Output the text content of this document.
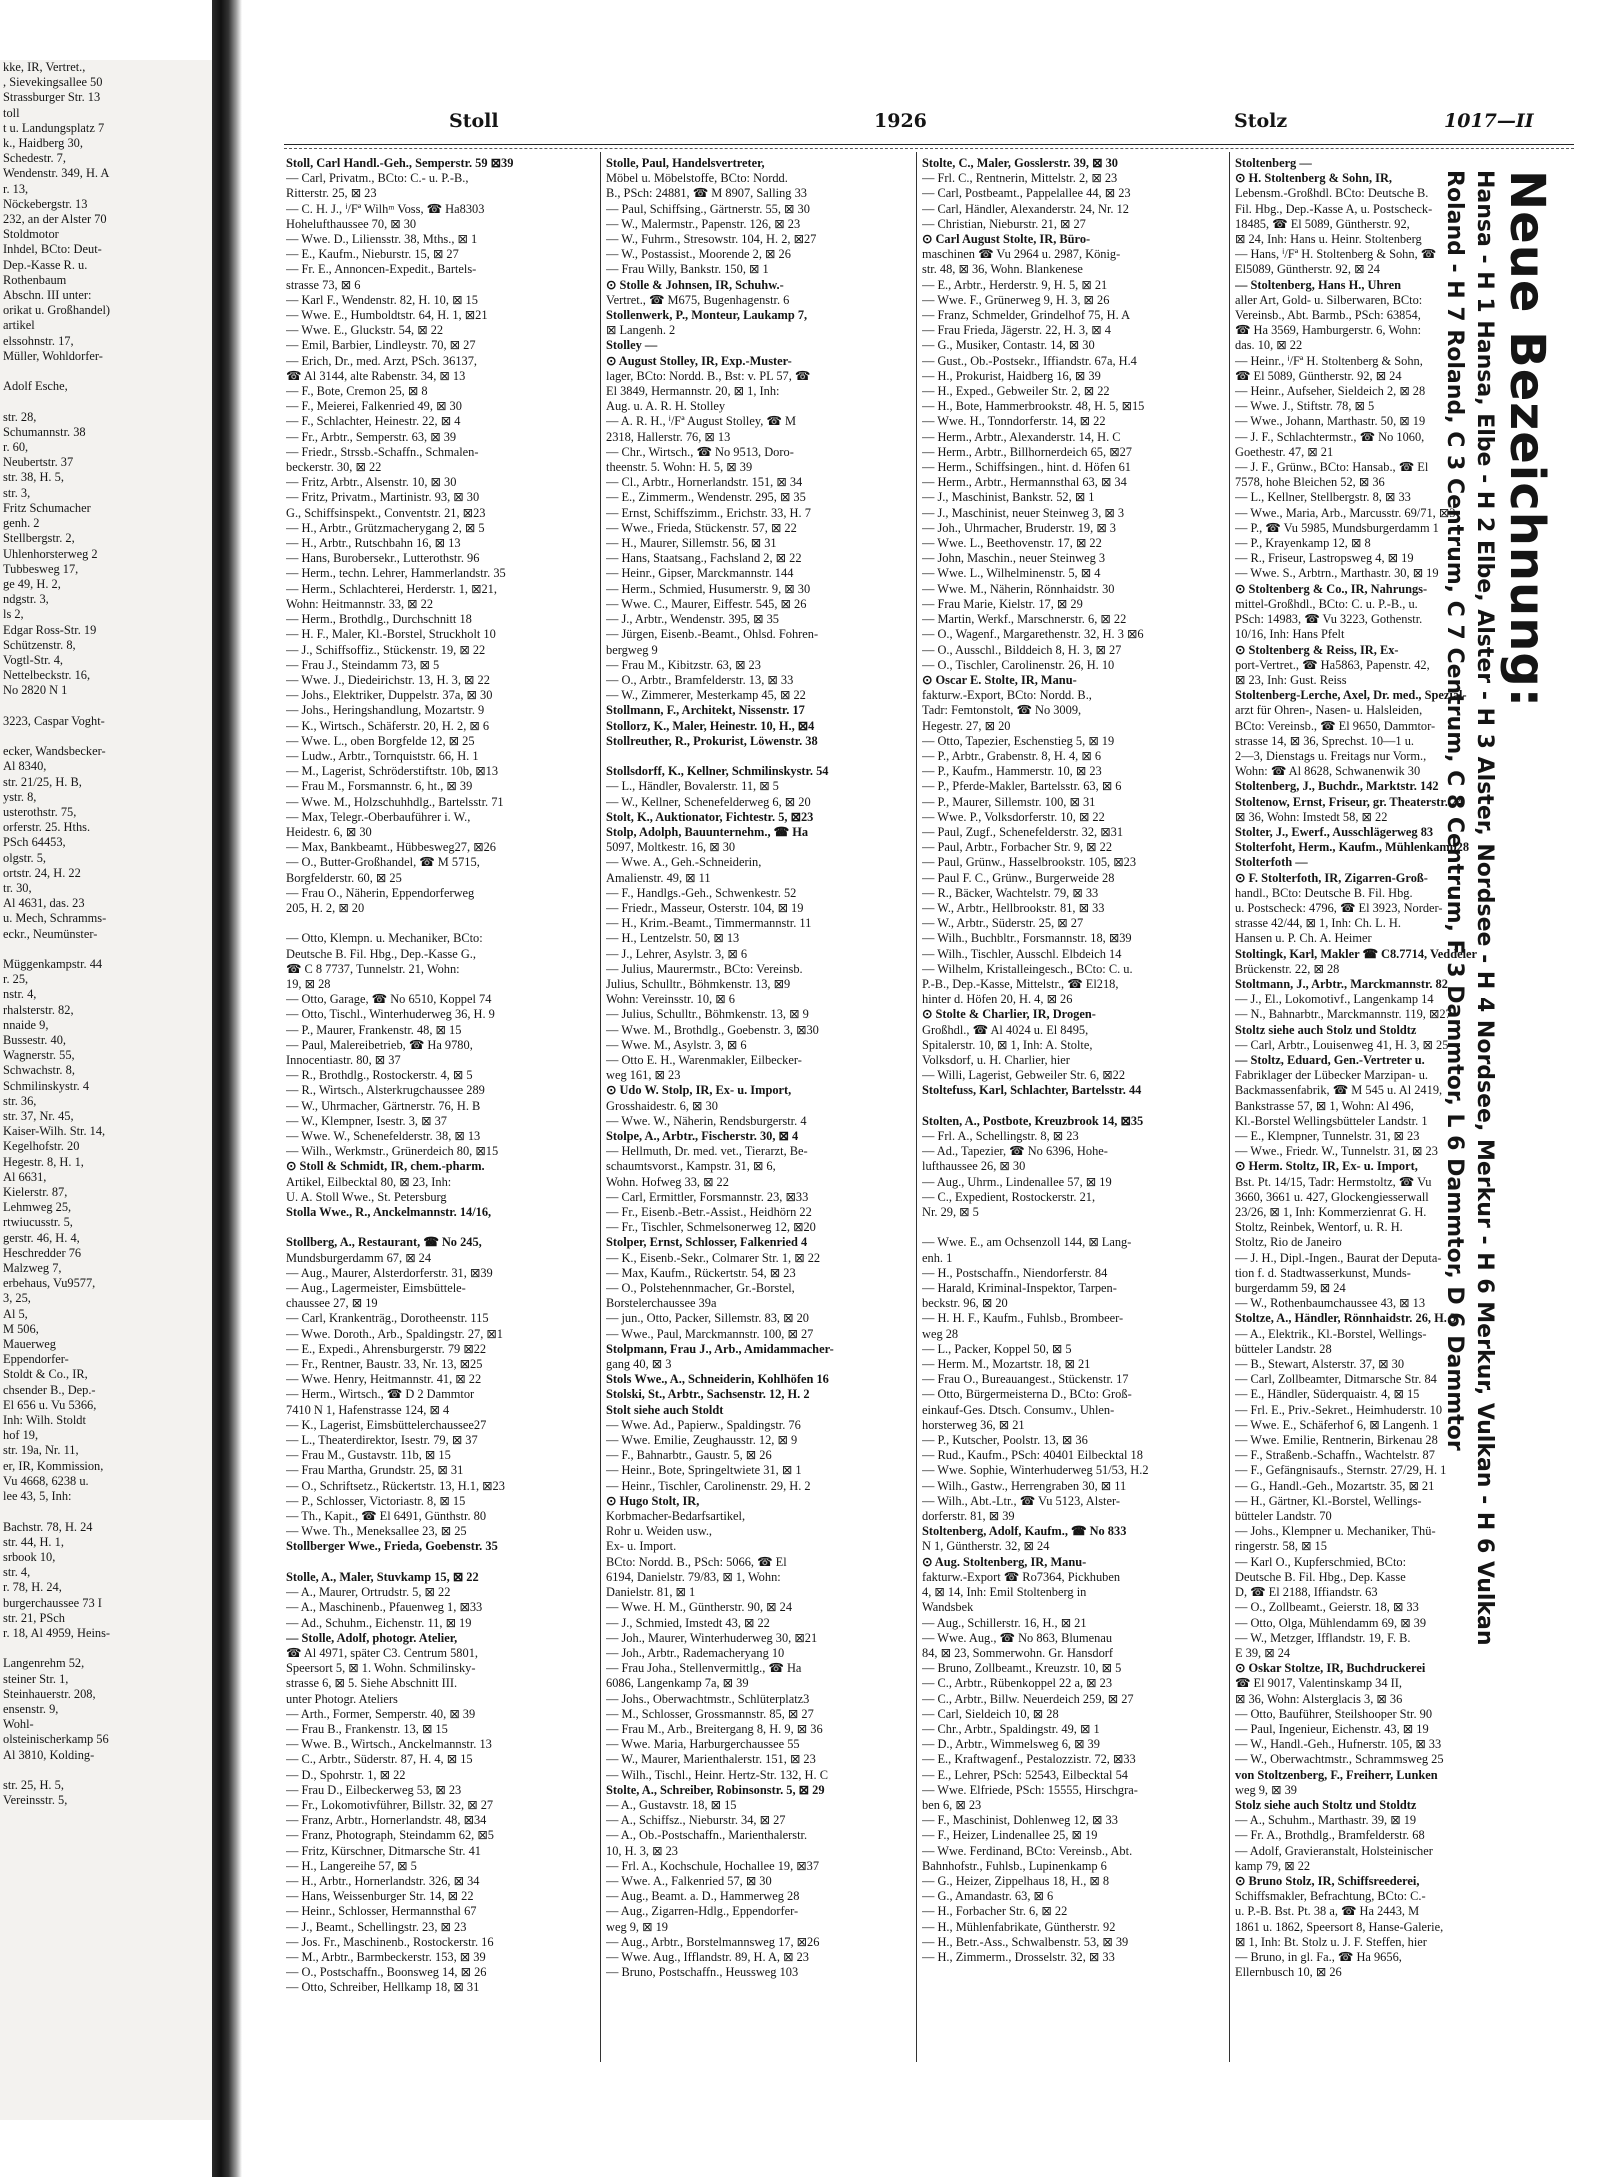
kke, IR, Vertret.,
, Sievekingsallee 50
Strassburger Str. 13
toll
t u. Landungsplatz 7
k., Haidberg 30,
Schedestr. 7,
Wendenstr. 349, H. A
r. 13,
Nöckebergstr. 13
232, an der Alster 70
Stoldmotor
Inhdel, BCto: Deut-
Dep.-Kasse R. u.
Rothenbaum
Abschn. III unter:
orikat u. Großhandel)
artikel
elssohnstr. 17,
Müller, Wohldorfer-

Adolf Esche,

str. 28,
Schumannstr. 38
r. 60,
Neubertstr. 37
str. 38, H. 5,
str. 3,
Fritz Schumacher
genh. 2
Stellbergstr. 2,
Uhlenhorsterweg 2
Tubbesweg 17,
ge 49, H. 2,
ndgstr. 3,
ls 2,
Edgar Ross-Str. 19
Schützenstr. 8,
Vogtl-Str. 4,
Nettelbeckstr. 16,
No 2820 N 1

3223, Caspar Voght-

ecker, Wandsbecker-
Al 8340,
str. 21/25, H. B,
ystr. 8,
usterothstr. 75,
orferstr. 25. Hths.
PSch 64453,
olgstr. 5,
ortstr. 24, H. 22
tr. 30,
Al 4631, das. 23
u. Mech, Schramms-
eckr., Neumünster-

Müggenkampstr. 44
r. 25,
nstr. 4,
rhalsterstr. 82,
nnaide 9,
Bussestr. 40,
Wagnerstr. 55,
Schwachstr. 8,
Schmilinskystr. 4
str. 36,
str. 37, Nr. 45,
Kaiser-Wilh. Str. 14,
Kegelhofstr. 20
Hegestr. 8, H. 1,
Al 6631,
Kielerstr. 87,
Lehmweg 25,
rtwiucusstr. 5,
gerstr. 46, H. 4,
Heschredder 76
Malzweg 7,
erbehaus, Vu9577,
3, 25,
Al 5,
M 506,
Mauerweg
Eppendorfer-
Stoldt & Co., IR,
chsender B., Dep.-
El 656 u. Vu 5366,
Inh: Wilh. Stoldt
hof 19,
str. 19a, Nr. 11,
er, IR, Kommission,
Vu 4668, 6238 u.
lee 43, 5, Inh:

Bachstr. 78, H. 24
str. 44, H. 1,
srbook 10,
str. 4,
r. 78, H. 24,
burgerchaussee 73 I
str. 21, PSch
r. 18, Al 4959, Heins-

Langenrehm 52,
steiner Str. 1,
Steinhauerstr. 208,
ensenstr. 9,
Wohl-
olsteinischerkamp 56
Al 3810, Kolding-

str. 25, H. 5,
Vereinsstr. 5,
Stoll	1926	Stolz	1017—II
Stoll, Carl Handl.-Geh., Semperstr. 59 ⊠39
— Carl, Privatm., BCto: C.- u. P.-B.,
Ritterstr. 25, ⊠ 23
— C. H. J., ⁱ/Fª Wilhᵐ Voss, ☎ Ha8303
Hohelufthaussee 70, ⊠ 30
— Wwe. D., Liliensstr. 38, Mths., ⊠ 1
— E., Kaufm., Nieburstr. 15, ⊠ 27
— Fr. E., Annoncen-Expedit., Bartels-
strasse 73, ⊠ 6
— Karl F., Wendenstr. 82, H. 10, ⊠ 15
— Wwe. E., Humboldtstr. 64, H. 1, ⊠21
— Wwe. E., Gluckstr. 54, ⊠ 22
— Emil, Barbier, Lindleystr. 70, ⊠ 27
— Erich, Dr., med. Arzt, PSch. 36137,
☎ Al 3144, alte Rabenstr. 34, ⊠ 13
— F., Bote, Cremon 25, ⊠ 8
— F., Meierei, Falkenried 49, ⊠ 30
— F., Schlachter, Heinestr. 22, ⊠ 4
— Fr., Arbtr., Semperstr. 63, ⊠ 39
— Friedr., Strssb.-Schaffn., Schmalen-
beckerstr. 30, ⊠ 22
— Fritz, Arbtr., Alsenstr. 10, ⊠ 30
— Fritz, Privatm., Martinistr. 93, ⊠ 30
G., Schiffsinspekt., Conventstr. 21, ⊠23
— H., Arbtr., Grützmacherygang 2, ⊠ 5
— H., Arbtr., Rutschbahn 16, ⊠ 13
— Hans, Burobersekr., Lutterothstr. 96
— Herm., techn. Lehrer, Hammerlandstr. 35
— Herm., Schlachterei, Herderstr. 1, ⊠21,
Wohn: Heitmannstr. 33, ⊠ 22
— Herm., Brothdlg., Durchschnitt 18
— H. F., Maler, Kl.-Borstel, Struckholt 10
— J., Schiffsoffiz., Stückenstr. 19, ⊠ 22
— Frau J., Steindamm 73, ⊠ 5
— Wwe. J., Diedeirichstr. 13, H. 3, ⊠ 22
— Johs., Elektriker, Duppelstr. 37a, ⊠ 30
— Johs., Heringshandlung, Mozartstr. 9
— K., Wirtsch., Schäferstr. 20, H. 2, ⊠ 6
— Wwe. L., oben Borgfelde 12, ⊠ 25
— Ludw., Arbtr., Tornquiststr. 66, H. 1
— M., Lagerist, Schröderstiftstr. 10b, ⊠13
— Frau M., Forsmannstr. 6, ht., ⊠ 39
— Wwe. M., Holzschuhhdlg., Bartelsstr. 71
— Max, Telegr.-Oberbauführer i. W.,
Heidestr. 6, ⊠ 30
— Max, Bankbeamt., Hübbesweg27, ⊠26
— O., Butter-Großhandel, ☎ M 5715,
Borgfelderstr. 60, ⊠ 25
— Frau O., Näherin, Eppendorferweg
205, H. 2, ⊠ 20

— Otto, Klempn. u. Mechaniker, BCto:
Deutsche B. Fil. Hbg., Dep.-Kasse G.,
☎ C 8 7737, Tunnelstr. 21, Wohn:
19, ⊠ 28
— Otto, Garage, ☎ No 6510, Koppel 74
— Otto, Tischl., Winterhuderweg 36, H. 9
— P., Maurer, Frankenstr. 48, ⊠ 15
— Paul, Malereibetrieb, ☎ Ha 9780,
Innocentiastr. 80, ⊠ 37
— R., Brothdlg., Rostockerstr. 4, ⊠ 5
— R., Wirtsch., Alsterkrugchaussee 289
— W., Uhrmacher, Gärtnerstr. 76, H. B
— W., Klempner, Isestr. 3, ⊠ 37
— Wwe. W., Schenefelderstr. 38, ⊠ 13
— Wilh., Werkmstr., Grünerdeich 80, ⊠15
⊙ Stoll & Schmidt, IR, chem.-pharm.
Artikel, Eilbecktal 80, ⊠ 23, Inh:
U. A. Stoll Wwe., St. Petersburg
Stolla Wwe., R., Anckelmannstr. 14/16,

Stollberg, A., Restaurant, ☎ No 245,
Mundsburgerdamm 67, ⊠ 24
— Aug., Maurer, Alsterdorferstr. 31, ⊠39
— Aug., Lagermeister, Eimsbüttele-
chaussee 27, ⊠ 19
— Carl, Krankenträg., Dorotheenstr. 115
— Wwe. Doroth., Arb., Spaldingstr. 27, ⊠1
— E., Expedi., Ahrensburgerstr. 79 ⊠22
— Fr., Rentner, Baustr. 33, Nr. 13, ⊠25
— Wwe. Henry, Heitmannstr. 41, ⊠ 22
— Herm., Wirtsch., ☎ D 2 Dammtor
7410 N 1, Hafenstrasse 124, ⊠ 4
— K., Lagerist, Eimsbüttelerchaussee27
— L., Theaterdirektor, Isestr. 79, ⊠ 37
— Frau M., Gustavstr. 11b, ⊠ 15
— Frau Martha, Grundstr. 25, ⊠ 31
— O., Schriftsetz., Rückertstr. 13, H.1, ⊠23
— P., Schlosser, Victoriastr. 8, ⊠ 15
— Th., Kapit., ☎ El 6491, Günthstr. 80
— Wwe. Th., Meneksallee 23, ⊠ 25
Stollberger Wwe., Frieda, Goebenstr. 35

Stolle, A., Maler, Stuvkamp 15, ⊠ 22
— A., Maurer, Ortrudstr. 5, ⊠ 22
— A., Maschinenb., Pfauenweg 1, ⊠33
— Ad., Schuhm., Eichenstr. 11, ⊠ 19
— Stolle, Adolf, photogr. Atelier,
☎ Al 4971, später C3. Centrum 5801,
Speersort 5, ⊠ 1. Wohn. Schmilinsky-
strasse 6, ⊠ 5. Siehe Abschnitt III.
unter Photogr. Ateliers
— Arth., Former, Semperstr. 40, ⊠ 39
— Frau B., Frankenstr. 13, ⊠ 15
— Wwe. B., Wirtsch., Anckelmannstr. 13
— C., Arbtr., Süderstr. 87, H. 4, ⊠ 15
— D., Spohrstr. 1, ⊠ 22
— Frau D., Eilbeckerweg 53, ⊠ 23
— Fr., Lokomotivführer, Billstr. 32, ⊠ 27
— Franz, Arbtr., Hornerlandstr. 48, ⊠34
— Franz, Photograph, Steindamm 62, ⊠5
— Fritz, Kürschner, Ditmarsche Str. 41
— H., Langereihe 57, ⊠ 5
— H., Arbtr., Hornerlandstr. 326, ⊠ 34
— Hans, Weissenburger Str. 14, ⊠ 22
— Heinr., Schlosser, Hermannsthal 67
— J., Beamt., Schellingstr. 23, ⊠ 23
— Jos. Fr., Maschinenb., Rostockerstr. 16
— M., Arbtr., Barmbeckerstr. 153, ⊠ 39
— O., Postschaffn., Boonsweg 14, ⊠ 26
— Otto, Schreiber, Hellkamp 18, ⊠ 31
Stolle, Paul, Handelsvertreter,
Möbel u. Möbelstoffe, BCto: Nordd.
B., PSch: 24881, ☎ M 8907, Salling 33
— Paul, Schiffsing., Gärtnerstr. 55, ⊠ 30
— W., Malermstr., Papenstr. 126, ⊠ 23
— W., Fuhrm., Stresowstr. 104, H. 2, ⊠27
— W., Postassist., Moorende 2, ⊠ 26
— Frau Willy, Bankstr. 150, ⊠ 1
⊙ Stolle & Johnsen, IR, Schuhw.-
Vertret., ☎ M675, Bugenhagenstr. 6
Stollenwerk, P., Monteur, Laukamp 7,
⊠ Langenh. 2
Stolley —
⊙ August Stolley, IR, Exp.-Muster-
lager, BCto: Nordd. B., Bst: v. PL 57, ☎
El 3849, Hermannstr. 20, ⊠ 1, Inh:
Aug. u. A. R. H. Stolley
— A. R. H., ⁱ/Fª August Stolley, ☎ M
2318, Hallerstr. 76, ⊠ 13
— Chr., Wirtsch., ☎ No 9513, Doro-
theenstr. 5. Wohn: H. 5, ⊠ 39
— Cl., Arbtr., Hornerlandstr. 151, ⊠ 34
— E., Zimmerm., Wendenstr. 295, ⊠ 35
— Ernst, Schiffszimm., Erichstr. 33, H. 7
— Wwe., Frieda, Stückenstr. 57, ⊠ 22
— H., Maurer, Sillemstr. 56, ⊠ 31
— Hans, Staatsang., Fachsland 2, ⊠ 22
— Heinr., Gipser, Marckmannstr. 144
— Herm., Schmied, Husumerstr. 9, ⊠ 30
— Wwe. C., Maurer, Eiffestr. 545, ⊠ 26
— J., Arbtr., Wendenstr. 395, ⊠ 35
— Jürgen, Eisenb.-Beamt., Ohlsd. Fohren-
bergweg 9
— Frau M., Kibitzstr. 63, ⊠ 23
— O., Arbtr., Bramfelderstr. 13, ⊠ 33
— W., Zimmerer, Mesterkamp 45, ⊠ 22
Stollmann, F., Architekt, Nissenstr. 17
Stollorz, K., Maler, Heinestr. 10, H., ⊠4
Stollreuther, R., Prokurist, Löwenstr. 38

Stollsdorff, K., Kellner, Schmilinskystr. 54
— L., Händler, Bovalerstr. 11, ⊠ 5
— W., Kellner, Schenefelderweg 6, ⊠ 20
Stolt, K., Auktionator, Fichtestr. 5, ⊠23
Stolp, Adolph, Bauunternehm., ☎ Ha
5097, Moltkestr. 16, ⊠ 30
— Wwe. A., Geh.-Schneiderin,
Amalienstr. 49, ⊠ 11
— F., Handlgs.-Geh., Schwenkestr. 52
— Friedr., Masseur, Osterstr. 104, ⊠ 19
— H., Krim.-Beamt., Timmermannstr. 11
— H., Lentzelstr. 50, ⊠ 13
— J., Lehrer, Asylstr. 3, ⊠ 6
— Julius, Maurermstr., BCto: Vereinsb.
Julius, Schulltr., Böhmkenstr. 13, ⊠9
Wohn: Vereinsstr. 10, ⊠ 6
— Julius, Schulltr., Böhmkenstr. 13, ⊠ 9
— Wwe. M., Brothdlg., Goebenstr. 3, ⊠30
— Wwe. M., Asylstr. 3, ⊠ 6
— Otto E. H., Warenmakler, Eilbecker-
weg 161, ⊠ 23
⊙ Udo W. Stolp, IR, Ex- u. Import,
Grosshaidestr. 6, ⊠ 30
— Wwe. W., Näherin, Rendsburgerstr. 4
Stolpe, A., Arbtr., Fischerstr. 30, ⊠ 4
— Hellmuth, Dr. med. vet., Tierarzt, Be-
schaumtsvorst., Kampstr. 31, ⊠ 6,
Wohn. Hofweg 33, ⊠ 22
— Carl, Ermittler, Forsmannstr. 23, ⊠33
— Fr., Eisenb.-Betr.-Assist., Heidhörn 22
— Fr., Tischler, Schmelsonerweg 12, ⊠20
Stolper, Ernst, Schlosser, Falkenried 4
— K., Eisenb.-Sekr., Colmarer Str. 1, ⊠ 22
— Max, Kaufm., Rückertstr. 54, ⊠ 23
— O., Polstehennmacher, Gr.-Borstel,
Borstelerchaussee 39a
— jun., Otto, Packer, Sillemstr. 83, ⊠ 20
— Wwe., Paul, Marckmannstr. 100, ⊠ 27
Stolpmann, Frau J., Arb., Amidammacher-
gang 40, ⊠ 3
Stols Wwe., A., Schneiderin, Kohlhöfen 16
Stolski, St., Arbtr., Sachsenstr. 12, H. 2
Stolt siehe auch Stoldt
— Wwe. Ad., Papierw., Spaldingstr. 76
— Wwe. Emilie, Zeughausstr. 12, ⊠ 9
— F., Bahnarbtr., Gaustr. 5, ⊠ 26
— Heinr., Bote, Springeltwiete 31, ⊠ 1
— Heinr., Tischler, Carolinenstr. 29, H. 2
⊙ Hugo Stolt, IR,
Korbmacher-Bedarfsartikel,
Rohr u. Weiden usw.,
Ex- u. Import.
BCto: Nordd. B., PSch: 5066, ☎ El
6194, Danielstr. 79/83, ⊠ 1, Wohn:
Danielstr. 81, ⊠ 1
— Wwe. H. M., Güntherstr. 90, ⊠ 24
— J., Schmied, Imstedt 43, ⊠ 22
— Joh., Maurer, Winterhuderweg 30, ⊠21
— Joh., Arbtr., Rademacheryang 10
— Frau Joha., Stellenvermittlg., ☎ Ha
6086, Langenkamp 7a, ⊠ 39
— Johs., Oberwachtmstr., Schlüterplatz3
— M., Schlosser, Grossmannstr. 85, ⊠ 27
— Frau M., Arb., Breitergang 8, H. 9, ⊠ 36
— Wwe. Maria, Harburgerchaussee 55
— W., Maurer, Marienthalerstr. 151, ⊠ 23
— Wilh., Tischl., Heinr. Hertz-Str. 132, H. C
Stolte, A., Schreiber, Robinsonstr. 5, ⊠ 29
— A., Gustavstr. 18, ⊠ 15
— A., Schiffsz., Nieburstr. 34, ⊠ 27
— A., Ob.-Postschaffn., Marienthalerstr.
10, H. 3, ⊠ 23
— Frl. A., Kochschule, Hochallee 19, ⊠37
— Wwe. A., Falkenried 57, ⊠ 30
— Aug., Beamt. a. D., Hammerweg 28
— Aug., Zigarren-Hdlg., Eppendorfer-
weg 9, ⊠ 19
— Aug., Arbtr., Borstelmannsweg 17, ⊠26
— Wwe. Aug., Ifflandstr. 89, H. A, ⊠ 23
— Bruno, Postschaffn., Heussweg 103
Stolte, C., Maler, Gosslerstr. 39, ⊠ 30
— Frl. C., Rentnerin, Mittelstr. 2, ⊠ 23
— Carl, Postbeamt., Pappelallee 44, ⊠ 23
— Carl, Händler, Alexanderstr. 24, Nr. 12
— Christian, Nieburstr. 21, ⊠ 27
⊙ Carl August Stolte, IR, Büro-
maschinen ☎ Vu 2964 u. 2987, König-
str. 48, ⊠ 36, Wohn. Blankenese
— E., Arbtr., Herderstr. 9, H. 5, ⊠ 21
— Wwe. F., Grünerweg 9, H. 3, ⊠ 26
— Franz, Schmelder, Grindelhof 75, H. A
— Frau Frieda, Jägerstr. 22, H. 3, ⊠ 4
— G., Musiker, Contastr. 14, ⊠ 30
— Gust., Ob.-Postsekr., Iffiandstr. 67a, H.4
— H., Prokurist, Haidberg 16, ⊠ 39
— H., Exped., Gebweiler Str. 2, ⊠ 22
— H., Bote, Hammerbrookstr. 48, H. 5, ⊠15
— Wwe. H., Tonndorferstr. 14, ⊠ 22
— Herm., Arbtr., Alexanderstr. 14, H. C
— Herm., Arbtr., Billhornerdeich 65, ⊠27
— Herm., Schiffsingen., hint. d. Höfen 61
— Herm., Arbtr., Hermannsthal 63, ⊠ 34
— J., Maschinist, Bankstr. 52, ⊠ 1
— J., Maschinist, neuer Steinweg 3, ⊠ 3
— Joh., Uhrmacher, Bruderstr. 19, ⊠ 3
— Wwe. L., Beethovenstr. 17, ⊠ 22
— John, Maschin., neuer Steinweg 3
— Wwe. L., Wilhelminenstr. 5, ⊠ 4
— Wwe. M., Näherin, Rönnhaidstr. 30
— Frau Marie, Kielstr. 17, ⊠ 29
— Martin, Werkf., Marschnerstr. 6, ⊠ 22
— O., Wagenf., Margarethenstr. 32, H. 3 ⊠6
— O., Ausschl., Bilddeich 8, H. 3, ⊠ 27
— O., Tischler, Carolinenstr. 26, H. 10
⊙ Oscar E. Stolte, IR, Manu-
fakturw.-Export, BCto: Nordd. B.,
Tadr: Femtonstolt, ☎ No 3009,
Hegestr. 27, ⊠ 20
— Otto, Tapezier, Eschenstieg 5, ⊠ 19
— P., Arbtr., Grabenstr. 8, H. 4, ⊠ 6
— P., Kaufm., Hammerstr. 10, ⊠ 23
— P., Pferde-Makler, Bartelsstr. 63, ⊠ 6
— P., Maurer, Sillemstr. 100, ⊠ 31
— Wwe. P., Volksdorferstr. 10, ⊠ 22
— Paul, Zugf., Schenefelderstr. 32, ⊠31
— Paul, Arbtr., Forbacher Str. 9, ⊠ 22
— Paul, Grünw., Hasselbrookstr. 105, ⊠23
— Paul F. C., Grünw., Burgerweide 28
— R., Bäcker, Wachtelstr. 79, ⊠ 33
— W., Arbtr., Hellbrookstr. 81, ⊠ 33
— W., Arbtr., Süderstr. 25, ⊠ 27
— Wilh., Buchbltr., Forsmannstr. 18, ⊠39
— Wilh., Tischler, Ausschl. Elbdeich 14
— Wilhelm, Kristalleingesch., BCto: C. u.
P.-B., Dep.-Kasse, Mittelstr., ☎ El218,
hinter d. Höfen 20, H. 4, ⊠ 26
⊙ Stolte & Charlier, IR, Drogen-
Großhdl., ☎ Al 4024 u. El 8495,
Spitalerstr. 10, ⊠ 1, Inh: A. Stolte,
Volksdorf, u. H. Charlier, hier
— Willi, Lagerist, Gebweiler Str. 6, ⊠22
Stoltefuss, Karl, Schlachter, Bartelsstr. 44

Stolten, A., Postbote, Kreuzbrook 14, ⊠35
— Frl. A., Schellingstr. 8, ⊠ 23
— Ad., Tapezier, ☎ No 6396, Hohe-
lufthaussee 26, ⊠ 30
— Aug., Uhrm., Lindenallee 57, ⊠ 19
— C., Expedient, Rostockerstr. 21,
Nr. 29, ⊠ 5

— Wwe. E., am Ochsenzoll 144, ⊠ Lang-
enh. 1
— H., Postschaffn., Niendorferstr. 84
— Harald, Kriminal-Inspektor, Tarpen-
beckstr. 96, ⊠ 20
— H. H. F., Kaufm., Fuhlsb., Brombeer-
weg 28
— L., Packer, Koppel 50, ⊠ 5
— Herm. M., Mozartstr. 18, ⊠ 21
— Frau O., Bureauangest., Stückenstr. 17
— Otto, Bürgermeisterna D., BCto: Groß-
einkauf-Ges. Dtsch. Consumv., Uhlen-
horsterweg 36, ⊠ 21
— P., Kutscher, Poolstr. 13, ⊠ 36
— Rud., Kaufm., PSch: 40401 Eilbecktal 18
— Wwe. Sophie, Winterhuderweg 51/53, H.2
— Wilh., Gastw., Herrengraben 30, ⊠ 11
— Wilh., Abt.-Ltr., ☎ Vu 5123, Alster-
dorferstr. 81, ⊠ 39
Stoltenberg, Adolf, Kaufm., ☎ No 833
N 1, Güntherstr. 32, ⊠ 24
⊙ Aug. Stoltenberg, IR, Manu-
fakturw.-Export ☎ Ro7364, Pickhuben
4, ⊠ 14, Inh: Emil Stoltenberg in
Wandsbek
— Aug., Schillerstr. 16, H., ⊠ 21
— Wwe. Aug., ☎ No 863, Blumenau
84, ⊠ 23, Sommerwohn. Gr. Hansdorf
— Bruno, Zollbeamt., Kreuzstr. 10, ⊠ 5
— C., Arbtr., Rübenkoppel 22 a, ⊠ 23
— C., Arbtr., Billw. Neuerdeich 259, ⊠ 27
— Carl, Sieldeich 10, ⊠ 28
— Chr., Arbtr., Spaldingstr. 49, ⊠ 1
— D., Arbtr., Wimmelsweg 6, ⊠ 39
— E., Kraftwagenf., Pestalozzistr. 72, ⊠33
— E., Lehrer, PSch: 52543, Eilbecktal 54
— Wwe. Elfriede, PSch: 15555, Hirschgra-
ben 6, ⊠ 23
— F., Maschinist, Dohlenweg 12, ⊠ 33
— F., Heizer, Lindenallee 25, ⊠ 19
— Wwe. Ferdinand, BCto: Vereinsb., Abt.
Bahnhofstr., Fuhlsb., Lupinenkamp 6
— G., Heizer, Zippelhaus 18, H., ⊠ 8
— G., Amandastr. 63, ⊠ 6
— H., Forbacher Str. 6, ⊠ 22
— H., Mühlenfabrikate, Güntherstr. 92
— H., Betr.-Ass., Schwalbenstr. 53, ⊠ 39
— H., Zimmerm., Drosselstr. 32, ⊠ 33
Stoltenberg —
⊙ H. Stoltenberg & Sohn, IR,
Lebensm.-Großhdl. BCto: Deutsche B.
Fil. Hbg., Dep.-Kasse A, u. Postscheck-
18485, ☎ El 5089, Güntherstr. 92,
⊠ 24, Inh: Hans u. Heinr. Stoltenberg
— Hans, ⁱ/Fª H. Stoltenberg & Sohn, ☎
El5089, Güntherstr. 92, ⊠ 24
— Stoltenberg, Hans H., Uhren
aller Art, Gold- u. Silberwaren, BCto:
Vereinsb., Abt. Barmb., PSch: 63854,
☎ Ha 3569, Hamburgerstr. 6, Wohn:
das. 10, ⊠ 22
— Heinr., ⁱ/Fª H. Stoltenberg & Sohn,
☎ El 5089, Güntherstr. 92, ⊠ 24
— Heinr., Aufseher, Sieldeich 2, ⊠ 28
— Wwe. J., Stiftstr. 78, ⊠ 5
— Wwe., Johann, Marthastr. 50, ⊠ 19
— J. F., Schlachtermstr., ☎ No 1060,
Goethestr. 47, ⊠ 21
— J. F., Grünw., BCto: Hansab., ☎ El
7578, hohe Bleichen 52, ⊠ 36
— L., Kellner, Stellbergstr. 8, ⊠ 33
— Wwe., Maria, Arb., Marcusstr. 69/71, ⊠3
— P., ☎ Vu 5985, Mundsburgerdamm 1
— P., Krayenkamp 12, ⊠ 8
— R., Friseur, Lastropsweg 4, ⊠ 19
— Wwe. S., Arbtrn., Marthastr. 30, ⊠ 19
⊙ Stoltenberg & Co., IR, Nahrungs-
mittel-Großhdl., BCto: C. u. P.-B., u.
PSch: 14983, ☎ Vu 3223, Gothenstr.
10/16, Inh: Hans Pfelt
⊙ Stoltenberg & Reiss, IR, Ex-
port-Vertret., ☎ Ha5863, Papenstr. 42,
⊠ 23, Inh: Gust. Reiss
Stoltenberg-Lerche, Axel, Dr. med., Spezial-
arzt für Ohren-, Nasen- u. Halsleiden,
BCto: Vereinsb., ☎ El 9650, Dammtor-
strasse 14, ⊠ 36, Sprechst. 10—1 u.
2—3, Dienstags u. Freitags nur Vorm.,
Wohn: ☎ Al 8628, Schwanenwik 30
Stoltenberg, J., Buchdr., Marktstr. 142
Stoltenow, Ernst, Friseur, gr. Theaterstr. 24
⊠ 36, Wohn: Imstedt 58, ⊠ 22
Stolter, J., Ewerf., Ausschlägerweg 83
Stolterfoht, Herm., Kaufm., Mühlenkamp28
Stolterfoth —
⊙ F. Stolterfoth, IR, Zigarren-Groß-
handl., BCto: Deutsche B. Fil. Hbg.
u. Postscheck: 4796, ☎ El 3923, Norder-
strasse 42/44, ⊠ 1, Inh: Ch. L. H.
Hansen u. P. Ch. A. Heimer
Stoltingk, Karl, Makler ☎ C8.7714, Veddeler
Brückenstr. 22, ⊠ 28
Stoltmann, J., Arbtr., Marckmannstr. 82
— J., El., Lokomotivf., Langenkamp 14
— N., Bahnarbtr., Marckmannstr. 119, ⊠27
Stoltz siehe auch Stolz und Stoldtz
— Carl, Arbtr., Louisenweg 41, H. 3, ⊠ 25
— Stoltz, Eduard, Gen.-Vertreter u.
Fabriklager der Lübecker Marzipan- u.
Backmassenfabrik, ☎ M 545 u. Al 2419,
Bankstrasse 57, ⊠ 1, Wohn: Al 496,
Kl.-Borstel Wellingsbütteler Landstr. 1
— E., Klempner, Tunnelstr. 31, ⊠ 23
— Wwe., Friedr. W., Tunnelstr. 31, ⊠ 23
⊙ Herm. Stoltz, IR, Ex- u. Import,
Bst. Pt. 14/15, Tadr: Hermstoltz, ☎ Vu
3660, 3661 u. 427, Glockengiesserwall
23/26, ⊠ 1, Inh: Kommerzienrat G. H.
Stoltz, Reinbek, Wentorf, u. R. H.
Stoltz, Rio de Janeiro
— J. H., Dipl.-Ingen., Baurat der Deputa-
tion f. d. Stadtwasserkunst, Munds-
burgerdamm 59, ⊠ 24
— W., Rothenbaumchaussee 43, ⊠ 13
Stoltze, A., Händler, Rönnhaidstr. 26, H. 3
— A., Elektrik., Kl.-Borstel, Wellings-
bütteler Landstr. 28
— B., Stewart, Alsterstr. 37, ⊠ 30
— Carl, Zollbeamter, Ditmarsche Str. 84
— E., Händler, Süderquaistr. 4, ⊠ 15
— Frl. E., Priv.-Sekret., Heimhuderstr. 10
— Wwe. E., Schäferhof 6, ⊠ Langenh. 1
— Wwe. Emilie, Rentnerin, Birkenau 28
— F., Straßenb.-Schaffn., Wachtelstr. 87
— F., Gefängnisaufs., Sternstr. 27/29, H. 1
— G., Handl.-Geh., Mozartstr. 35, ⊠ 21
— H., Gärtner, Kl.-Borstel, Wellings-
bütteler Landstr. 70
— Johs., Klempner u. Mechaniker, Thü-
ringerstr. 58, ⊠ 15
— Karl O., Kupferschmied, BCto:
Deutsche B. Fil. Hbg., Dep. Kasse
D, ☎ El 2188, Iffiandstr. 63
— O., Zollbeamt., Geierstr. 18, ⊠ 33
— Otto, Olga, Mühlendamm 69, ⊠ 39
— W., Metzger, Ifflandstr. 19, F. B.
E 39, ⊠ 24
⊙ Oskar Stoltze, IR, Buchdruckerei
☎ El 9017, Valentinskamp 34 II,
⊠ 36, Wohn: Alsterglacis 3, ⊠ 36
— Otto, Bauführer, Steilshooper Str. 90
— Paul, Ingenieur, Eichenstr. 43, ⊠ 19
— W., Handl.-Geh., Hufnerstr. 105, ⊠ 33
— W., Oberwachtmstr., Schrammsweg 25
von Stoltzenberg, F., Freiherr, Lunken
weg 9, ⊠ 39
Stolz siehe auch Stoltz und Stoldtz
— A., Schuhm., Marthastr. 39, ⊠ 19
— Fr. A., Brothdlg., Bramfelderstr. 68
— Adolf, Gravieranstalt, Holsteinischer
kamp 79, ⊠ 22
⊙ Bruno Stolz, IR, Schiffsreederei,
Schiffsmakler, Befrachtung, BCto: C.-
u. P.-B. Bst. Pt. 38 a, ☎ Ha 2443, M
1861 u. 1862, Speersort 8, Hanse-Galerie,
⊠ 1, Inh: Bt. Stolz u. J. F. Steffen, hier
— Bruno, in gl. Fa., ☎ Ha 9656,
Ellernbusch 10, ⊠ 26
Neue Bezeichnung:
Hansa - H 1 Hansa, Elbe - H 2 Elbe, Alster - H 3 Alster, Nordsee - H 4 Nordsee, Merkur - H 6 Merkur, Vulkan - H 6 Vulkan
Roland - H 7 Roland, C 3 Centrum, C 7 Centrum, C 8 Centrum, F 3 Dammtor, L 6 Dammtor, D 6 Dammtor
